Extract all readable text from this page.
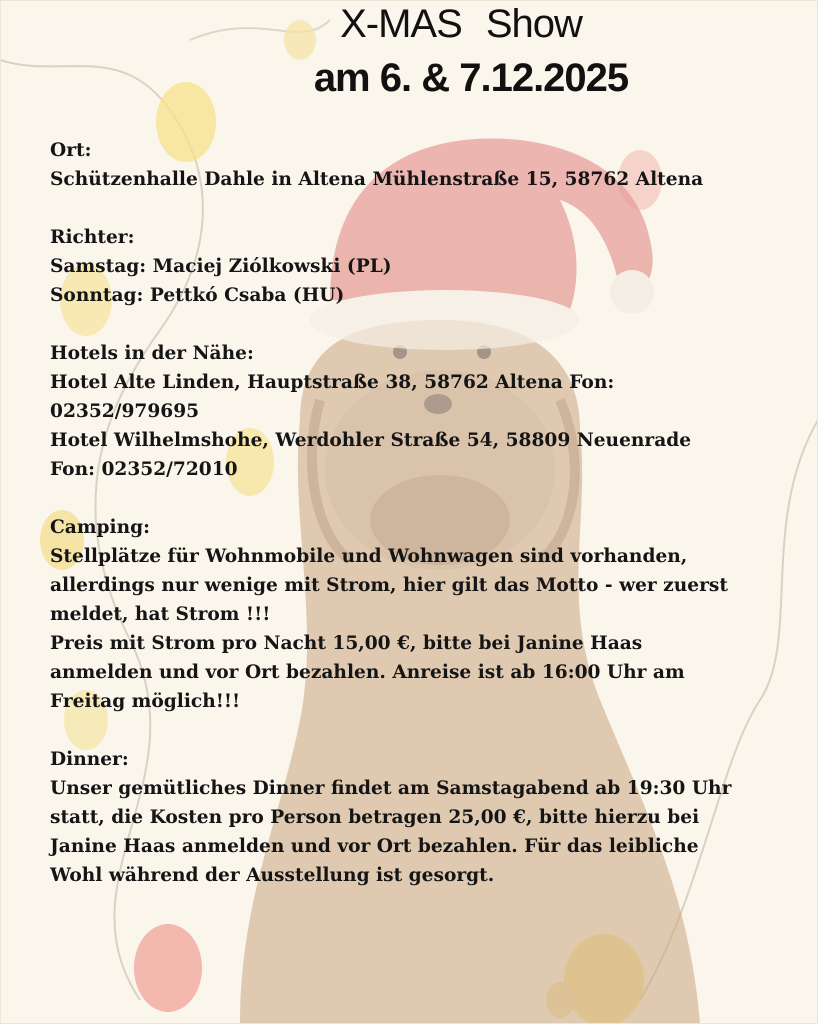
X-MAS Show
am 6. & 7.12.2025

Ort:

Schützenhalle Dahle in Altena Mühlenstraße 15, 58762 Altena

Richter:

Samstag: Maciej Ziólkowski (PL)

Sonntag: Pettkó Csaba (HU)

Hotels in der Nähe:

Hotel Alte Linden, Hauptstraße 38, 58762 Altena Fon:

02352/979695

Hotel Wilhelmshohe, Werdohler Straße 54, 58809 Neuenrade

Fon: 02352/72010

Camping:

Stellplätze für Wohnmobile und Wohnwagen sind vorhanden,

allerdings nur wenige mit Strom, hier gilt das Motto - wer zuerst

meldet, hat Strom !!!

Preis mit Strom pro Nacht 15,00 €, bitte bei Janine Haas

anmelden und vor Ort bezahlen. Anreise ist ab 16:00 Uhr am

Freitag möglich!!!

Dinner:

Unser gemütliches Dinner findet am Samstagabend ab 19:30 Uhr

statt, die Kosten pro Person betragen 25,00 €, bitte hierzu bei

Janine Haas anmelden und vor Ort bezahlen. Für das leibliche

Wohl während der Ausstellung ist gesorgt.
